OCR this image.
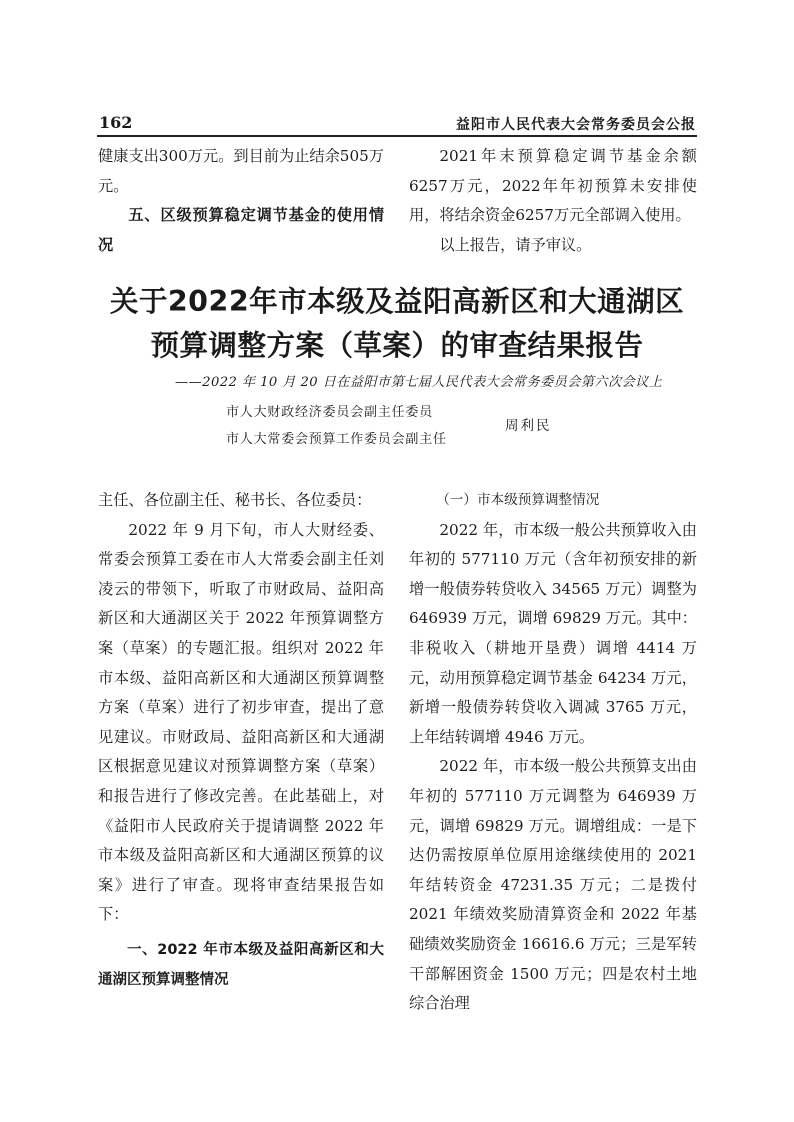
162	益阳市人民代表大会常务委员会公报

健康支出300万元。到目前为止结余505万元。

五、区级预算稳定调节基金的使用情况

2021年末预算稳定调节基金余额6257万元，2022年年初预算未安排使用，将结余资金6257万元全部调入使用。

以上报告，请予审议。

关于2022年市本级及益阳高新区和大通湖区
预算调整方案（草案）的审查结果报告
——2022 年 10 月 20 日在益阳市第七届人民代表大会常务委员会第六次会议上
市人大财政经济委员会副主任委员
市人大常委会预算工作委员会副主任
周利民

主任、各位副主任、秘书长、各位委员：

2022 年 9 月下旬，市人大财经委、常委会预算工委在市人大常委会副主任刘凌云的带领下，听取了市财政局、益阳高新区和大通湖区关于 2022 年预算调整方案（草案）的专题汇报。组织对 2022 年市本级、益阳高新区和大通湖区预算调整方案（草案）进行了初步审查，提出了意见建议。市财政局、益阳高新区和大通湖区根据意见建议对预算调整方案（草案）和报告进行了修改完善。在此基础上，对《益阳市人民政府关于提请调整 2022 年市本级及益阳高新区和大通湖区预算的议案》进行了审查。现将审查结果报告如下：

一、2022 年市本级及益阳高新区和大通湖区预算调整情况

（一）市本级预算调整情况

2022 年，市本级一般公共预算收入由年初的 577110 万元（含年初预安排的新增一般债券转贷收入 34565 万元）调整为 646939 万元，调增 69829 万元。其中：非税收入（耕地开垦费）调增 4414 万元，动用预算稳定调节基金 64234 万元，新增一般债券转贷收入调减 3765 万元，上年结转调增 4946 万元。

2022 年，市本级一般公共预算支出由年初的 577110 万元调整为 646939 万元，调增 69829 万元。调增组成：一是下达仍需按原单位原用途继续使用的 2021 年结转资金 47231.35 万元；二是拨付 2021 年绩效奖励清算资金和 2022 年基础绩效奖励资金 16616.6 万元；三是军转干部解困资金 1500 万元；四是农村土地综合治理
